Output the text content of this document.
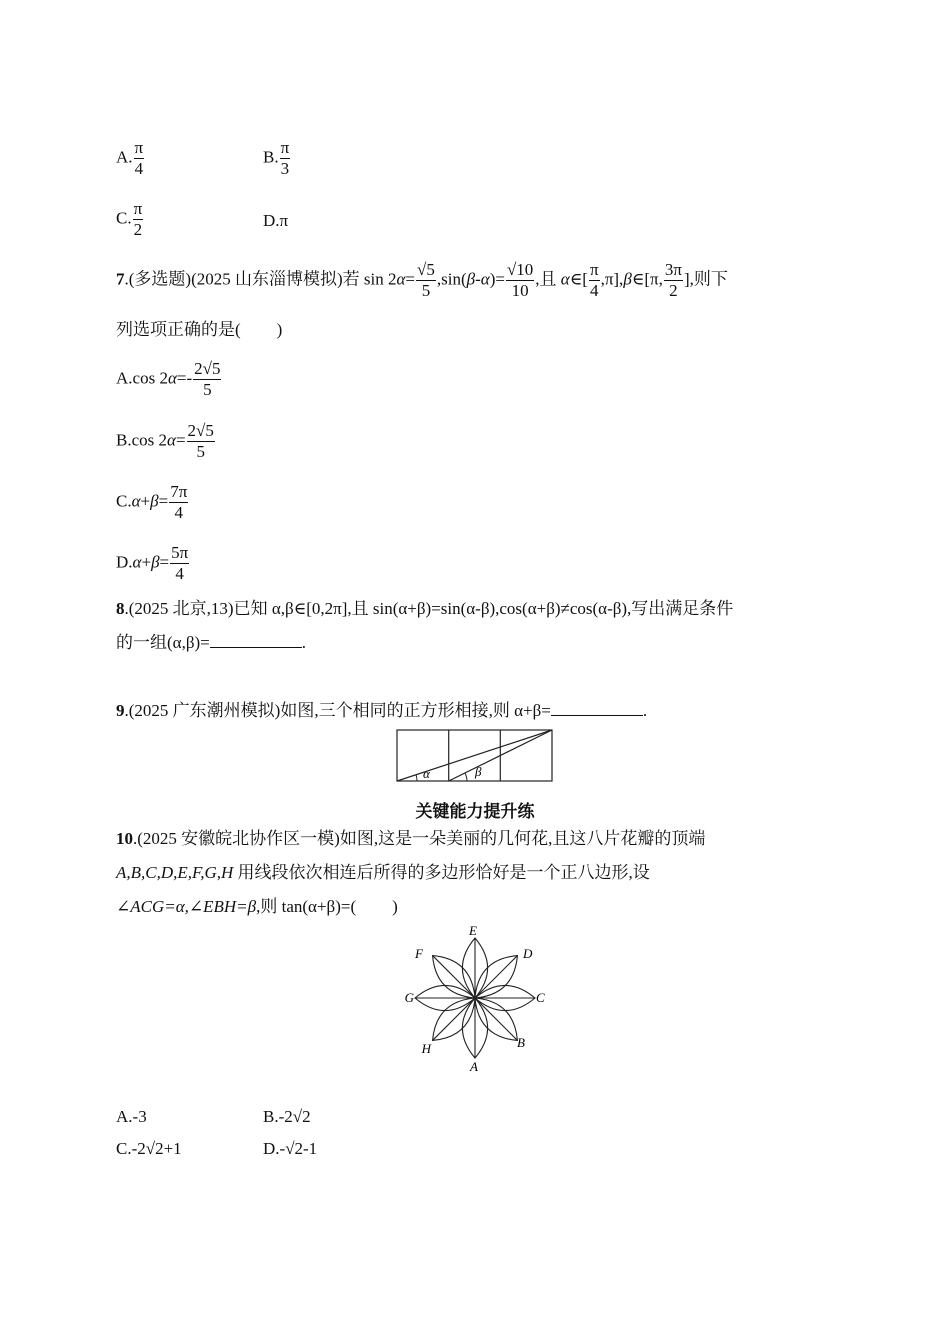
A. $\frac{\pi}{4}$	B. $\frac{\pi}{3}$
C. $\frac{\pi}{2}$	D.π
7.(多选题)(2025 山东淄博模拟)若 $\sin 2\alpha= \frac{√5}{5} ,\sin(\beta-\alpha)= \frac{√10}{10}$ ,且 α∈[ $\frac{\pi}{4}$ ,π],β∈[π, $\frac{3\pi}{2}$ ],则下
列选项正确的是( )
A.cos $2\alpha=- \frac{2√5}{5}$
B.cos $2\alpha= \frac{2√5}{5}$
$C.\alpha+\beta= \frac{7\pi}{4}$
$D.\alpha+\beta= \frac{5\pi}{4}$
8.(2025 北京,13)已知 α,β∈[0,2π],且 sin(α+β)=sin(α-β),cos(α+β)≠cos(α-β),写出满足条件
的一组(α,β)=	.
9.(2025 广东潮州模拟)如图,三个相同的正方形相接,则 α+β=	.
α	β
关键能力提升练
10.(2025 安徽皖北协作区一模)如图,这是一朵美丽的几何花,且这八片花瓣的顶端
A,B,C,D,E,F,G,H 用线段依次相连后所得的多边形恰好是一个正八边形,设
∠ACG=α,∠EBH=β,则 tan(α+β)=( )
E
D
F
G	C
H	B
A
A.-3	B.-2√2
C.-2√2+1	D.-√2-1
